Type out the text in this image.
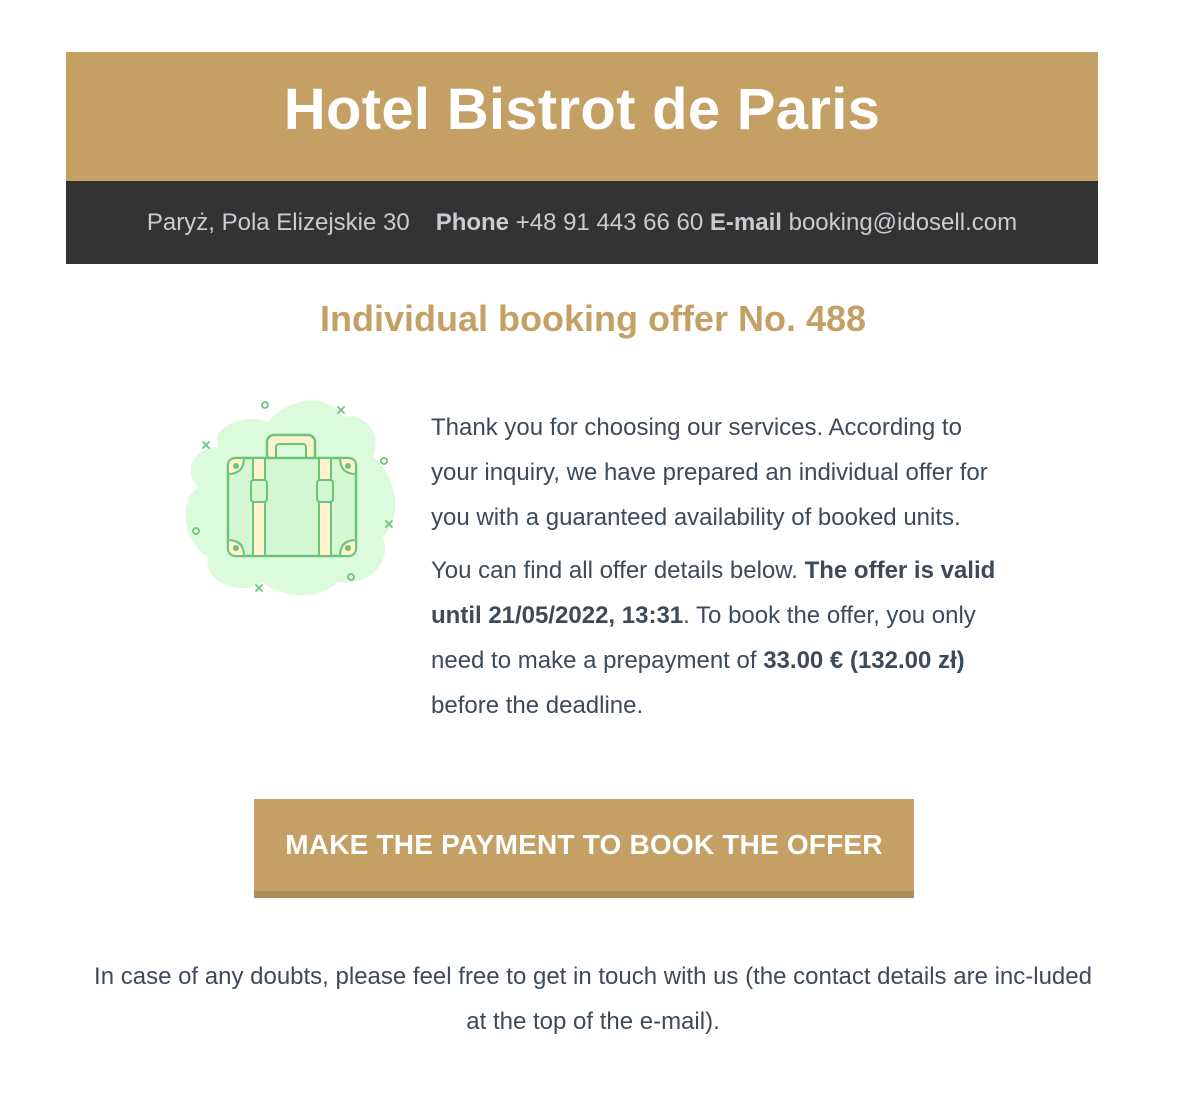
Hotel Bistrot de Paris
Paryż, Pola Elizejskie 30 Phone
+48 91 443 66 60
E-mail
booking@idosell.com
Individual booking offer No. 488

Thank you for choosing our services. According to your inquiry, we have prepared an individual offer for you with a guaranteed availability of booked units.

You can find all offer details below. The offer is valid until 21/05/2022, 13:31. To book the offer, you only need to make a prepayment of 33.00 € (132.00 zł) before the deadline.

MAKE THE PAYMENT TO BOOK THE OFFER
In case of any doubts, please feel free to get in touch with us (the contact details are inc-luded at the top of the e-mail).
